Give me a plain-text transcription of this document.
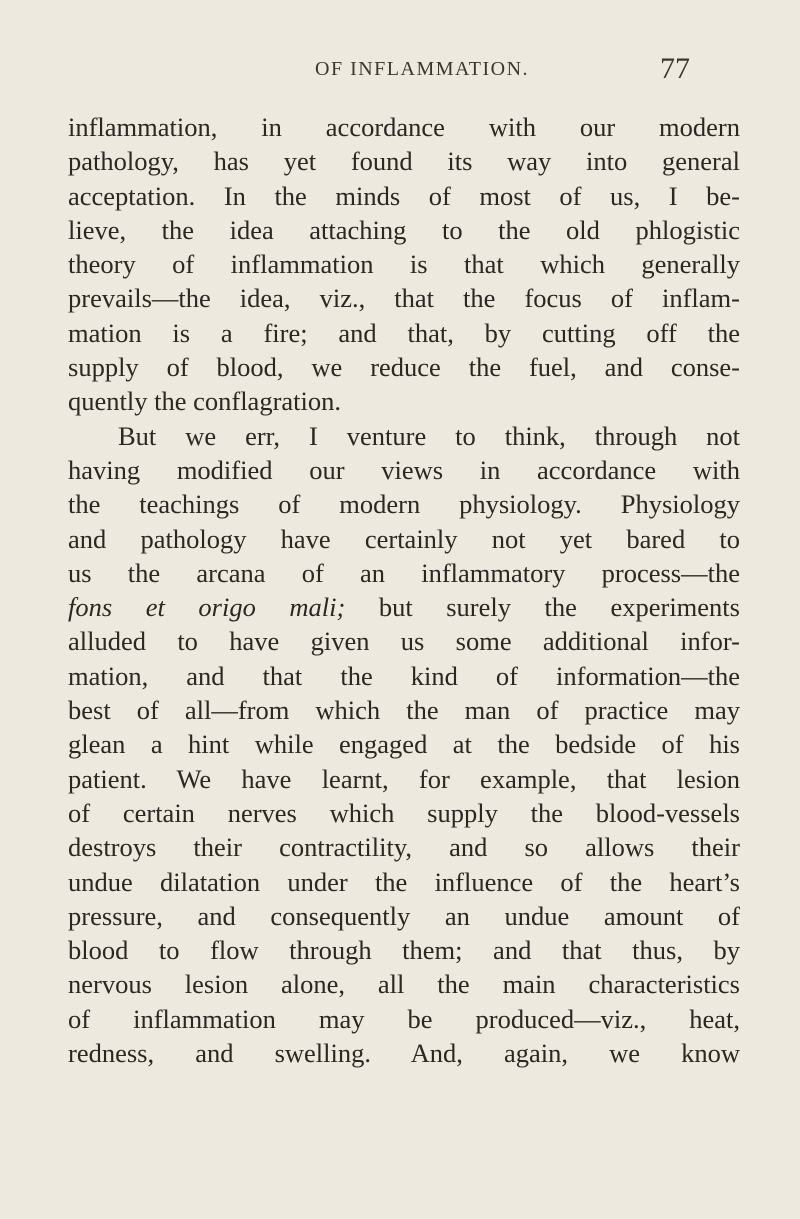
OF INFLAMMATION.	77
inflammation, in accordance with our modern
pathology, has yet found its way into general
acceptation. In the minds of most of us, I be-
lieve, the idea attaching to the old phlogistic
theory of inflammation is that which generally
prevails—the idea, viz., that the focus of inflam-
mation is a fire; and that, by cutting off the
supply of blood, we reduce the fuel, and conse-
quently the conflagration.
But we err, I venture to think, through not
having modified our views in accordance with
the teachings of modern physiology. Physiology
and pathology have certainly not yet bared to
us the arcana of an inflammatory process—the
fons et origo mali; but surely the experiments
alluded to have given us some additional infor-
mation, and that the kind of information—the
best of all—from which the man of practice may
glean a hint while engaged at the bedside of his
patient. We have learnt, for example, that lesion
of certain nerves which supply the blood-vessels
destroys their contractility, and so allows their
undue dilatation under the influence of the heart’s
pressure, and consequently an undue amount of
blood to flow through them; and that thus, by
nervous lesion alone, all the main characteristics
of inflammation may be produced—viz., heat,
redness, and swelling. And, again, we know
